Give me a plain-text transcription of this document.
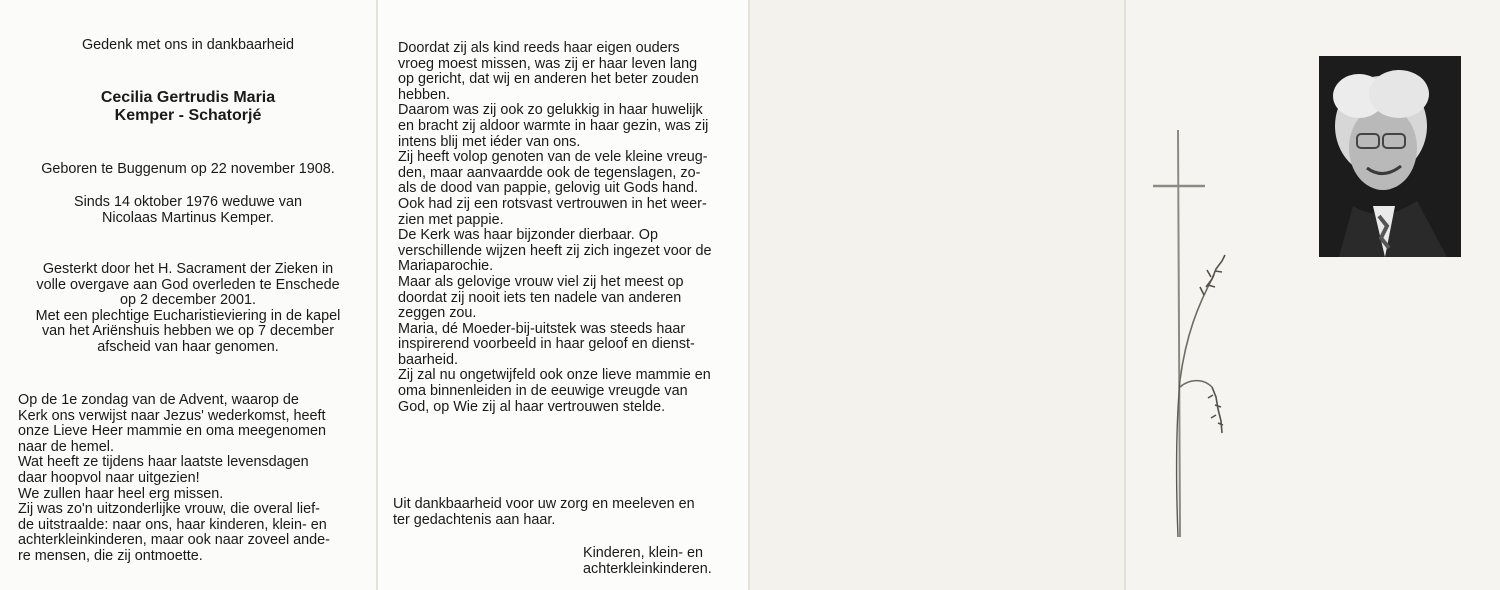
Gedenk met ons in dankbaarheid

Cecilia Gertrudis Maria
Kemper - Schatorjé

Geboren te Buggenum op 22 november 1908.

Sinds 14 oktober 1976 weduwe van
Nicolaas Martinus Kemper.
Gesterkt door het H. Sacrament der Zieken in
volle overgave aan God overleden te Enschede
op 2 december 2001.
Met een plechtige Eucharistieviering in de kapel
van het Ariënshuis hebben we op 7 december
afscheid van haar genomen.
Op de 1e zondag van de Advent, waarop de
Kerk ons verwijst naar Jezus' wederkomst, heeft
onze Lieve Heer mammie en oma meegenomen
naar de hemel.
Wat heeft ze tijdens haar laatste levensdagen
daar hoopvol naar uitgezien!
We zullen haar heel erg missen.
Zij was zo'n uitzonderlijke vrouw, die overal lief-
de uitstraalde: naar ons, haar kinderen, klein- en
achterkleinkinderen, maar ook naar zoveel ande-
re mensen, die zij ontmoette.
Doordat zij als kind reeds haar eigen ouders
vroeg moest missen, was zij er haar leven lang
op gericht, dat wij en anderen het beter zouden
hebben.
Daarom was zij ook zo gelukkig in haar huwelijk
en bracht zij aldoor warmte in haar gezin, was zij
intens blij met iéder van ons.
Zij heeft volop genoten van de vele kleine vreug-
den, maar aanvaardde ook de tegenslagen, zo-
als de dood van pappie, gelovig uit Gods hand.
Ook had zij een rotsvast vertrouwen in het weer-
zien met pappie.
De Kerk was haar bijzonder dierbaar. Op
verschillende wijzen heeft zij zich ingezet voor de
Mariaparochie.
Maar als gelovige vrouw viel zij het meest op
doordat zij nooit iets ten nadele van anderen
zeggen zou.
Maria, dé Moeder-bij-uitstek was steeds haar
inspirerend voorbeeld in haar geloof en dienst-
baarheid.
Zij zal nu ongetwijfeld ook onze lieve mammie en
oma binnenleiden in de eeuwige vreugde van
God, op Wie zij al haar vertrouwen stelde.
Uit dankbaarheid voor uw zorg en meeleven en
ter gedachtenis aan haar.
Kinderen, klein- en
achterkleinkinderen.
